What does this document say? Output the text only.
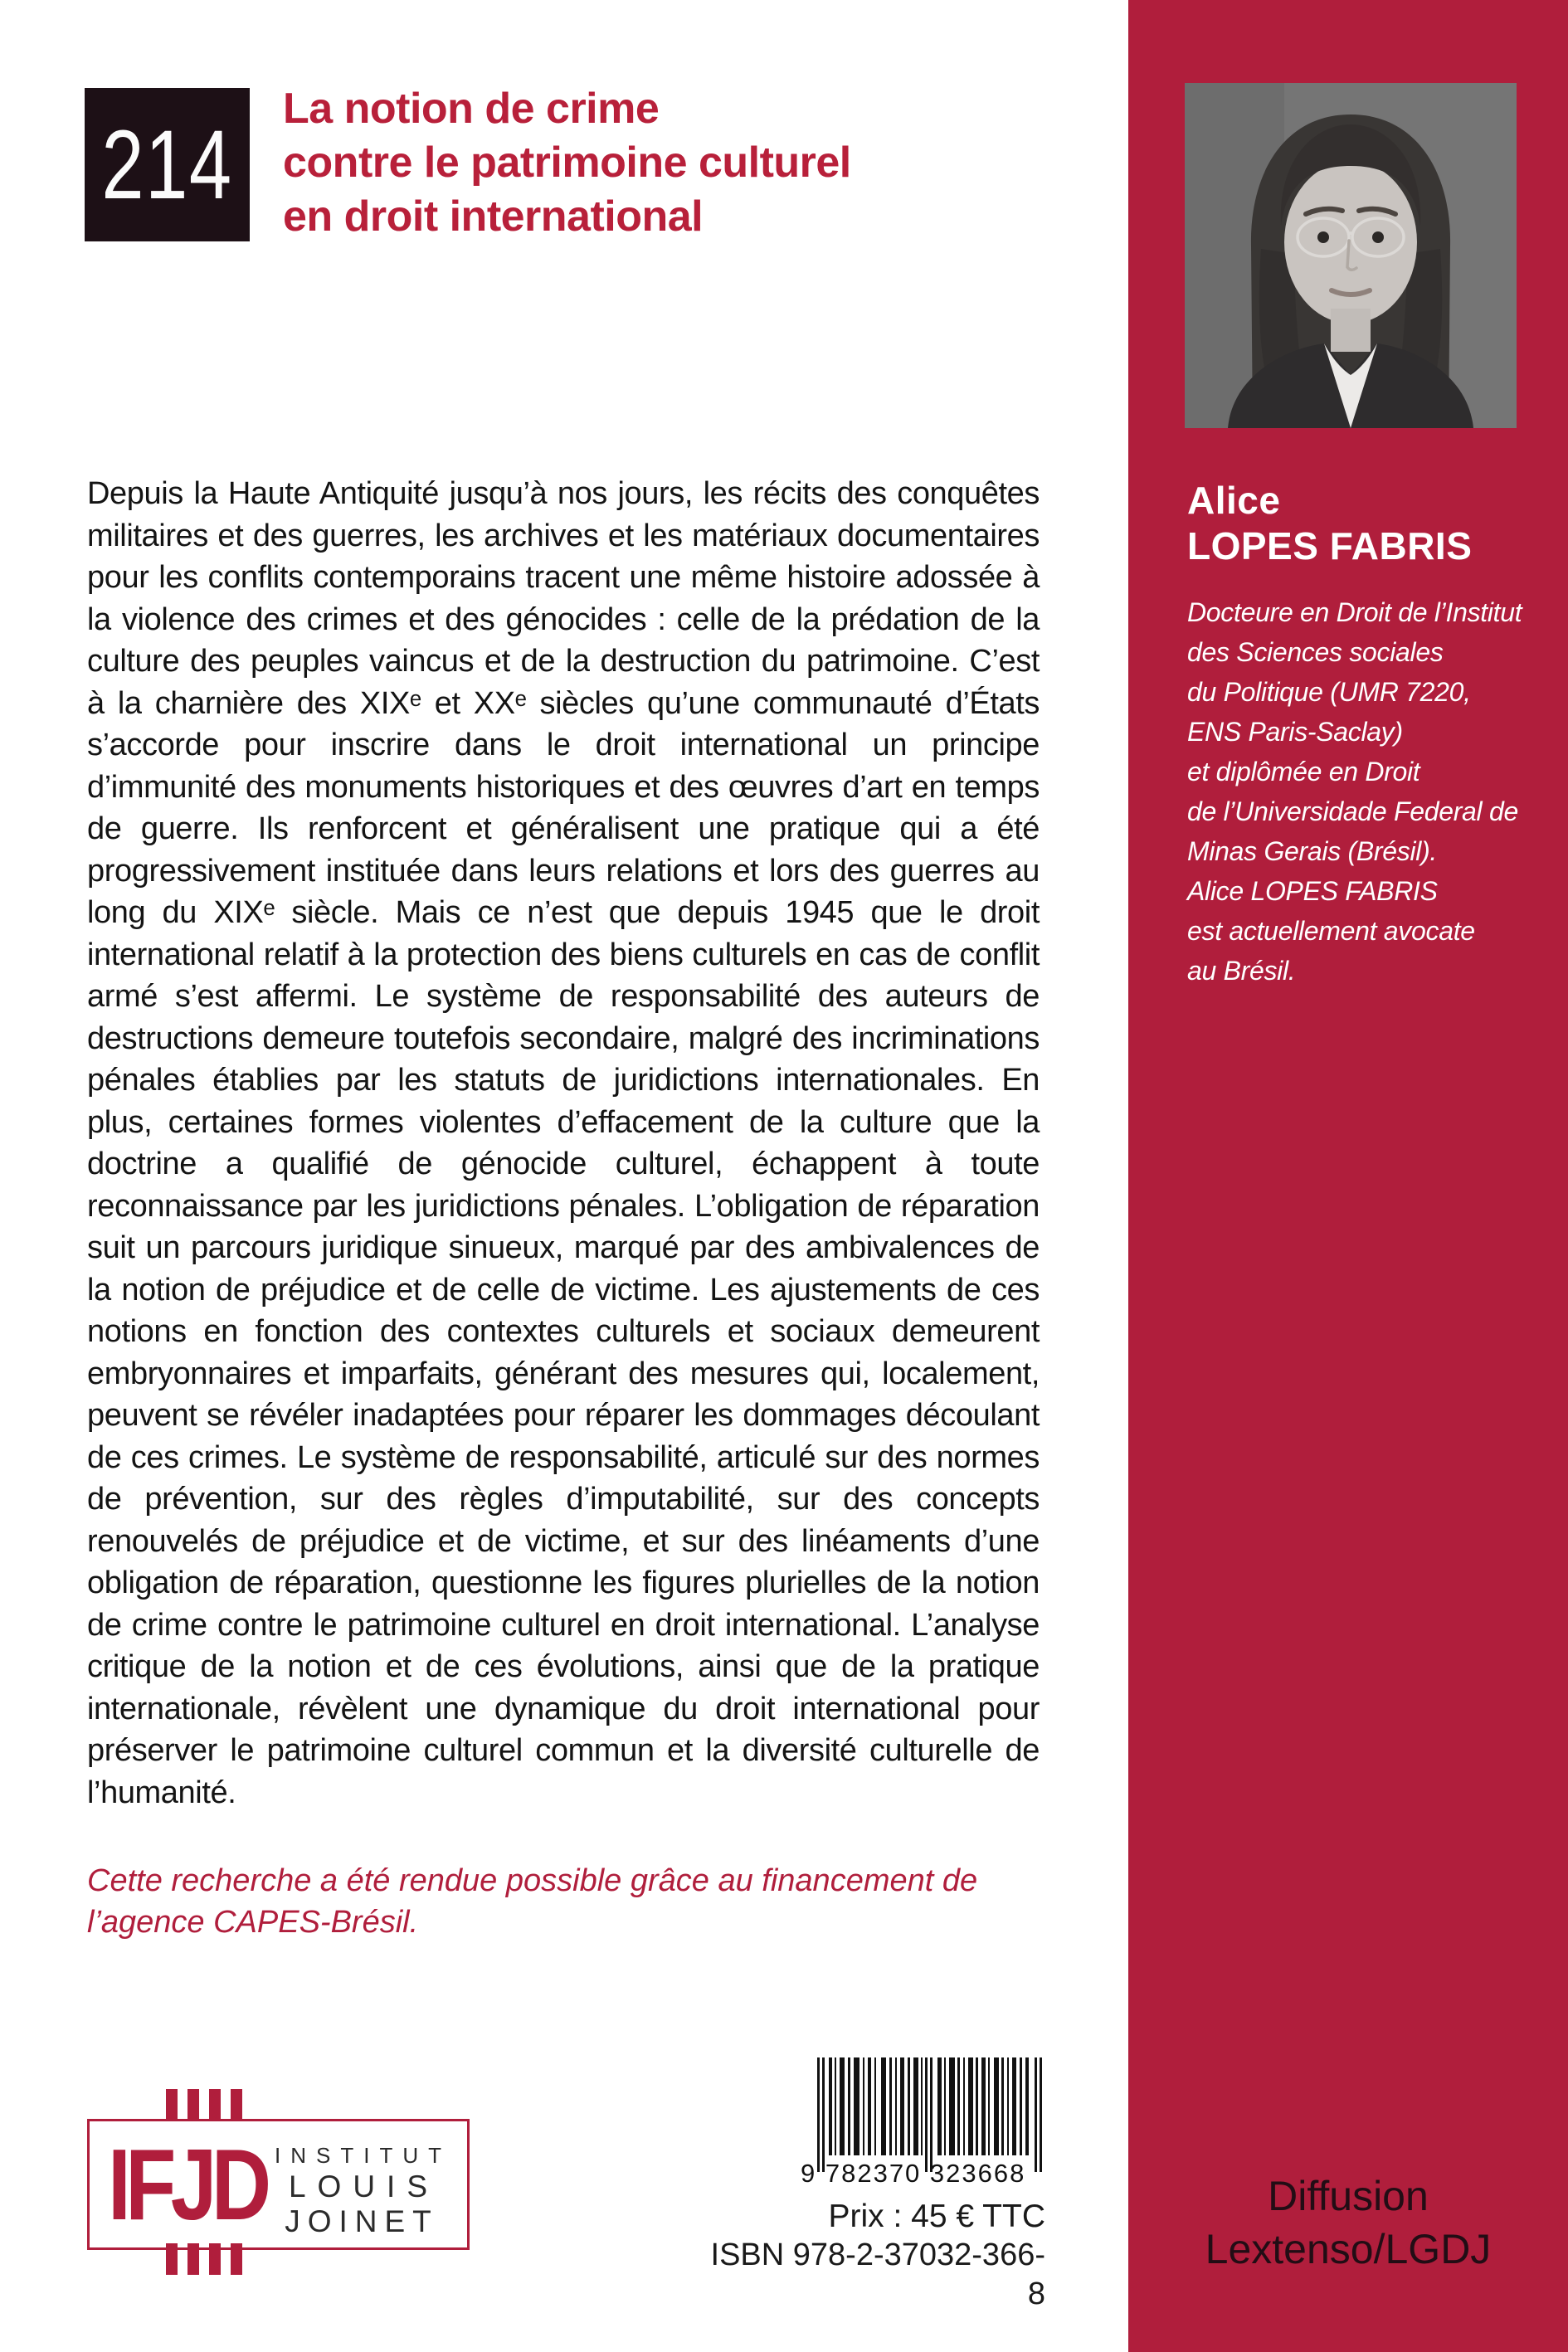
214
La notion de crime
contre le patrimoine culturel
en droit international

Depuis la Haute Antiquité jusqu’à nos jours, les récits des conquêtes militaires et des guerres, les archives et les matériaux documentaires pour les conflits contemporains tracent une même histoire adossée à la violence des crimes et des génocides : celle de la prédation de la culture des peuples vaincus et de la destruction du patrimoine. C’est à la charnière des XIXᵉ et XXᵉ siècles qu’une communauté d’États s’accorde pour inscrire dans le droit international un principe d’immunité des monuments historiques et des œuvres d’art en temps de guerre. Ils renforcent et généralisent une pratique qui a été progressivement instituée dans leurs relations et lors des guerres au long du XIXᵉ siècle. Mais ce n’est que depuis 1945 que le droit international relatif à la protection des biens culturels en cas de conflit armé s’est affermi. Le système de responsabilité des auteurs de destructions demeure toutefois secondaire, malgré des incriminations pénales établies par les statuts de juridictions internationales. En plus, certaines formes violentes d’effacement de la culture que la doctrine a qualifié de génocide culturel, échappent à toute reconnaissance par les juridictions pénales. L’obligation de réparation suit un parcours juridique sinueux, marqué par des ambivalences de la notion de préjudice et de celle de victime. Les ajustements de ces notions en fonction des contextes culturels et sociaux demeurent embryonnaires et imparfaits, générant des mesures qui, localement, peuvent se révéler inadaptées pour réparer les dommages découlant de ces crimes. Le système de responsabilité, articulé sur des normes de prévention, sur des règles d’imputabilité, sur des concepts renouvelés de préjudice et de victime, et sur des linéaments d’une obligation de réparation, questionne les figures plurielles de la notion de crime contre le patrimoine culturel en droit international. L’analyse critique de la notion et de ces évolutions, ainsi que de la pratique internationale, révèlent une dynamique du droit international pour préserver le patrimoine culturel commun et la diversité culturelle de l’humanité.

Cette recherche a été rendue possible grâce au financement de l’agence CAPES-Brésil.

Alice
LOPES FABRIS
Docteure en Droit de l’Institut
des Sciences sociales
du Politique (UMR 7220,
ENS Paris-Saclay)
et diplômée en Droit
de l’Universidade Federal de
Minas Gerais (Brésil).
Alice LOPES FABRIS
est actuellement avocate
au Brésil.
Diffusion
Lextenso/LGDJ
IFJD INSTITUT
LOUIS
JOINET
9 782370 323668
Prix : 45 € TTC
ISBN 978-2-37032-366-8
